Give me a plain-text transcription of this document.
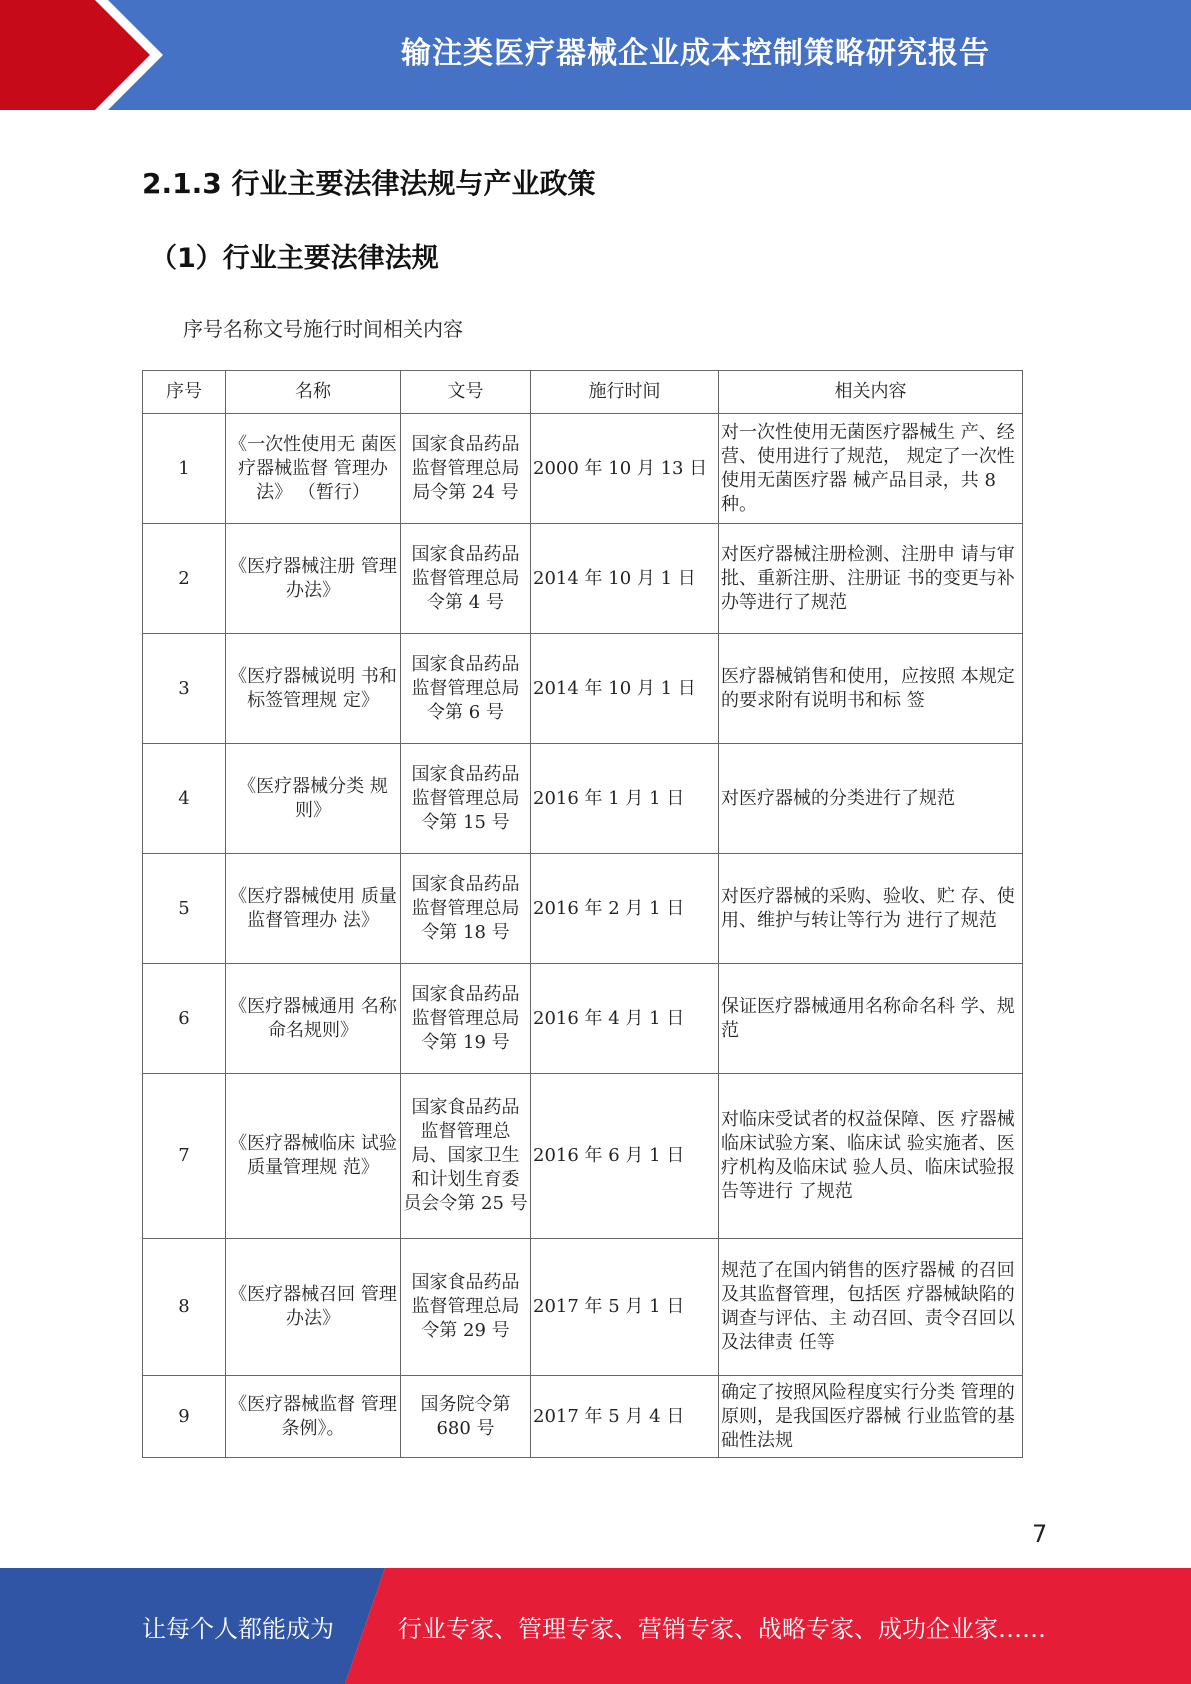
输注类医疗器械企业成本控制策略研究报告
2.1.3 行业主要法律法规与产业政策
（1）行业主要法律法规
序号名称文号施行时间相关内容
序号	名称	文号	施行时间	相关内容
1	《一次性使用无 菌医疗器械监督 管理办法》 （暂行）	国家食品药品监督管理总局局令第 24 号	2000 年 10 月 13 日	对一次性使用无菌医疗器械生 产、经营、使用进行了规范， 规定了一次性使用无菌医疗器 械产品目录，共 8 种。
2	《医疗器械注册 管理办法》	国家食品药品监督管理总局令第 4 号	2014 年 10 月 1 日	对医疗器械注册检测、注册申 请与审批、重新注册、注册证 书的变更与补办等进行了规范
3	《医疗器械说明 书和标签管理规 定》	国家食品药品监督管理总局令第 6 号	2014 年 10 月 1 日	医疗器械销售和使用，应按照 本规定的要求附有说明书和标 签
4	《医疗器械分类 规则》	国家食品药品监督管理总局令第 15 号	2016 年 1 月 1 日	对医疗器械的分类进行了规范
5	《医疗器械使用 质量监督管理办 法》	国家食品药品监督管理总局令第 18 号	2016 年 2 月 1 日	对医疗器械的采购、验收、贮 存、使用、维护与转让等行为 进行了规范
6	《医疗器械通用 名称命名规则》	国家食品药品监督管理总局令第 19 号	2016 年 4 月 1 日	保证医疗器械通用名称命名科 学、规范
7	《医疗器械临床 试验质量管理规 范》	国家食品药品监督管理总局、国家卫生和计划生育委员会令第 25 号	2016 年 6 月 1 日	对临床受试者的权益保障、医 疗器械临床试验方案、临床试 验实施者、医疗机构及临床试 验人员、临床试验报告等进行 了规范
8	《医疗器械召回 管理办法》	国家食品药品监督管理总局令第 29 号	2017 年 5 月 1 日	规范了在国内销售的医疗器械 的召回及其监督管理，包括医 疗器械缺陷的调查与评估、主 动召回、责令召回以及法律责 任等
9	《医疗器械监督 管理条例》。	国务院令第 680 号	2017 年 5 月 4 日	确定了按照风险程度实行分类 管理的原则，是我国医疗器械 行业监管的基础性法规
7
让每个人都能成为	行业专家、管理专家、营销专家、战略专家、成功企业家……
